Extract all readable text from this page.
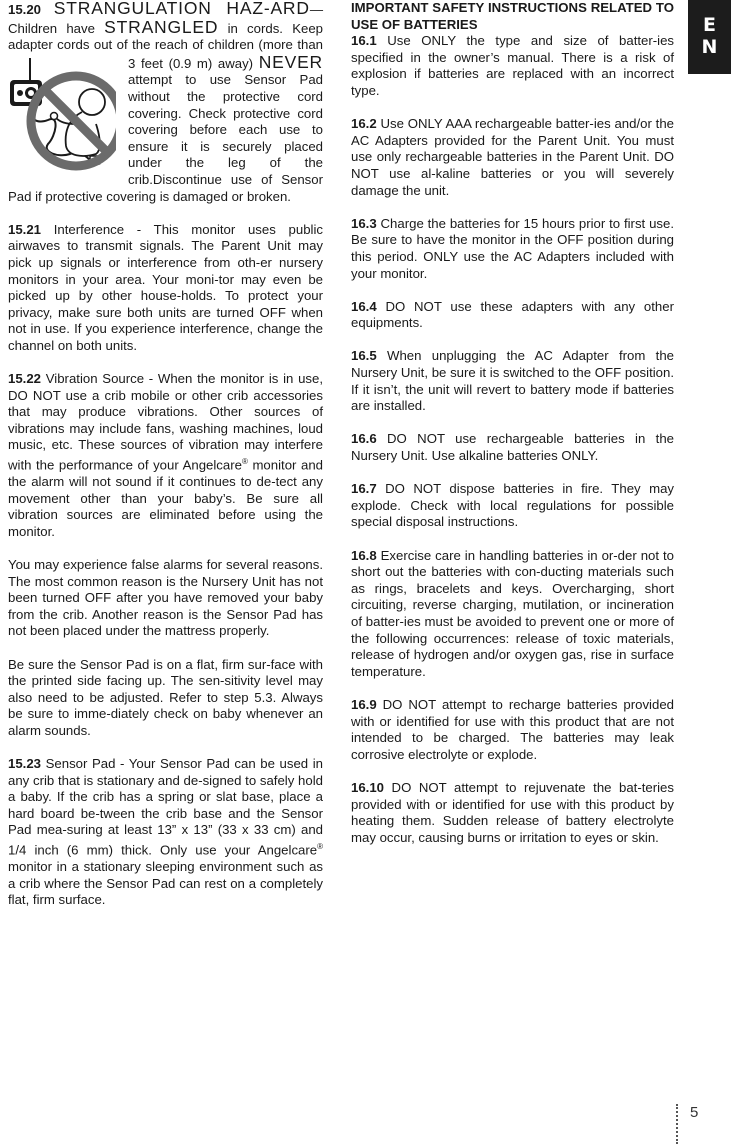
15.20 STRANGULATION HAZ-ARD—Children have STRANGLED in cords. Keep adapter cords out of the reach of children (more than 3 feet (0.9 m) away) NEVER
attempt to use Sensor Pad without the protective cord covering. Check protective cord covering before each use to ensure it is securely placed under the leg of the crib.Discontinue use of Sensor Pad if protective covering is damaged or broken.

15.21 Interference - This monitor uses public airwaves to transmit signals. The Parent Unit may pick up signals or interference from oth-er nursery monitors in your area. Your moni-tor may even be picked up by other house-holds. To protect your privacy, make sure both units are turned OFF when not in use. If you experience interference, change the channel on both units.

15.22 Vibration Source - When the monitor is in use, DO NOT use a crib mobile or other crib accessories that may produce vibrations. Other sources of vibrations may include fans, washing machines, loud music, etc. These sources of vibration may interfere with the performance of your Angelcare® monitor and the alarm will not sound if it continues to de-tect any movement other than your baby’s. Be sure all vibration sources are eliminated before using the monitor.

You may experience false alarms for several reasons. The most common reason is the Nursery Unit has not been turned OFF after you have removed your baby from the crib. Another reason is the Sensor Pad has not been placed under the mattress properly.

Be sure the Sensor Pad is on a flat, firm sur-face with the printed side facing up. The sen-sitivity level may also need to be adjusted. Refer to step 5.3. Always be sure to imme-diately check on baby whenever an alarm sounds.

15.23 Sensor Pad - Your Sensor Pad can be used in any crib that is stationary and de-signed to safely hold a baby. If the crib has a spring or slat base, place a hard board be-tween the crib base and the Sensor Pad mea-suring at least 13” x 13” (33 x 33 cm) and 1/4 inch (6 mm) thick. Only use your Angelcare® monitor in a stationary sleeping environment such as a crib where the Sensor Pad can rest on a completely flat, firm surface.

IMPORTANT SAFETY INSTRUCTIONS RELATED TO USE OF BATTERIES

16.1 Use ONLY the type and size of batter-ies specified in the owner’s manual. There is a risk of explosion if batteries are replaced with an incorrect type.

16.2 Use ONLY AAA rechargeable batter-ies and/or the AC Adapters provided for the Parent Unit. You must use only rechargeable batteries in the Parent Unit. DO NOT use al-kaline batteries or you will severely damage the unit.

16.3 Charge the batteries for 15 hours prior to first use. Be sure to have the monitor in the OFF position during this period. ONLY use the AC Adapters included with your monitor.

16.4 DO NOT use these adapters with any other equipments.

16.5 When unplugging the AC Adapter from the Nursery Unit, be sure it is switched to the OFF position. If it isn’t, the unit will revert to battery mode if batteries are installed.

16.6 DO NOT use rechargeable batteries in the Nursery Unit. Use alkaline batteries ONLY.

16.7 DO NOT dispose batteries in fire. They may explode. Check with local regulations for possible special disposal instructions.

16.8 Exercise care in handling batteries in or-der not to short out the batteries with con-ducting materials such as rings, bracelets and keys. Overcharging, short circuiting, reverse charging, mutilation, or incineration of batter-ies must be avoided to prevent one or more of the following occurrences: release of toxic materials, release of hydrogen and/or oxygen gas, rise in surface temperature.

16.9 DO NOT attempt to recharge batteries provided with or identified for use with this product that are not intended to be charged. The batteries may leak corrosive electrolyte or explode.

16.10 DO NOT attempt to rejuvenate the bat-teries provided with or identified for use with this product by heating them. Sudden release of battery electrolyte may occur, causing burns or irritation to eyes or skin.

E
N
5
